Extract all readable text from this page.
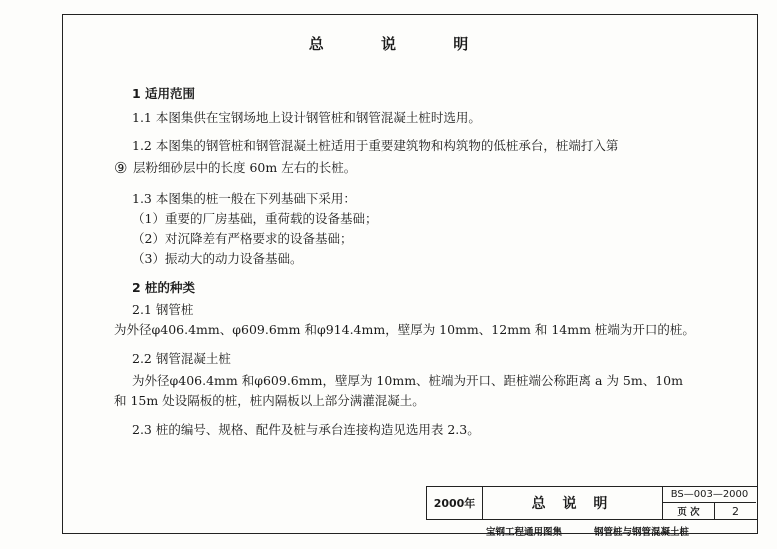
总 说 明
1 适用范围
1.1 本图集供在宝钢场地上设计钢管桩和钢管混凝土桩时选用。
1.2 本图集的钢管桩和钢管混凝土桩适用于重要建筑物和构筑物的低桩承台，桩端打入第
⑨ 层粉细砂层中的长度 60m 左右的长桩。
1.3 本图集的桩一般在下列基础下采用：
（1）重要的厂房基础，重荷载的设备基础；
（2）对沉降差有严格要求的设备基础；
（3）振动大的动力设备基础。
2 桩的种类
2.1 钢管桩
为外径φ406.4mm、φ609.6mm 和φ914.4mm，壁厚为 10mm、12mm 和 14mm 桩端为开口的桩。
2.2 钢管混凝土桩
为外径φ406.4mm 和φ609.6mm，壁厚为 10mm、桩端为开口、距桩端公称距离 a 为 5m、10m
和 15m 处设隔板的桩，桩内隔板以上部分满灌混凝土。
2.3 桩的编号、规格、配件及桩与承台连接构造见选用表 2.3。
2000年	总 说 明
BS—003—2000
页 次	2
宝钢工程通用图集	钢管桩与钢管混凝土桩
